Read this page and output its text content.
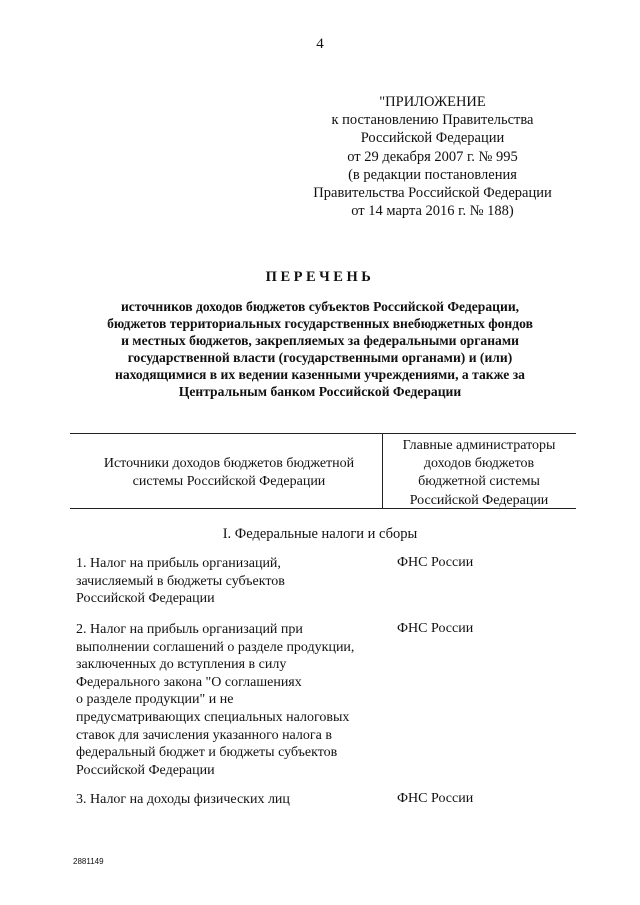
4
"ПРИЛОЖЕНИЕ
к постановлению Правительства
Российской Федерации
от 29 декабря 2007 г. № 995
(в редакции постановления
Правительства Российской Федерации
от 14 марта 2016 г. № 188)
ПЕРЕЧЕНЬ
источников доходов бюджетов субъектов Российской Федерации,
бюджетов территориальных государственных внебюджетных фондов
и местных бюджетов, закрепляемых за федеральными органами
государственной власти (государственными органами) и (или)
находящимися в их ведении казенными учреждениями, а также за
Центральным банком Российской Федерации
Источники доходов бюджетов бюджетной
системы Российской Федерации
Главные администраторы
доходов бюджетов
бюджетной системы
Российской Федерации
I. Федеральные налоги и сборы
1. Налог на прибыль организаций,
зачисляемый в бюджеты субъектов
Российской Федерации
ФНС России
2. Налог на прибыль организаций при
выполнении соглашений о разделе продукции,
заключенных до вступления в силу
Федерального закона "О соглашениях
о разделе продукции" и не
предусматривающих специальных налоговых
ставок для зачисления указанного налога в
федеральный бюджет и бюджеты субъектов
Российской Федерации
ФНС России
3. Налог на доходы физических лиц	ФНС России
2881149
